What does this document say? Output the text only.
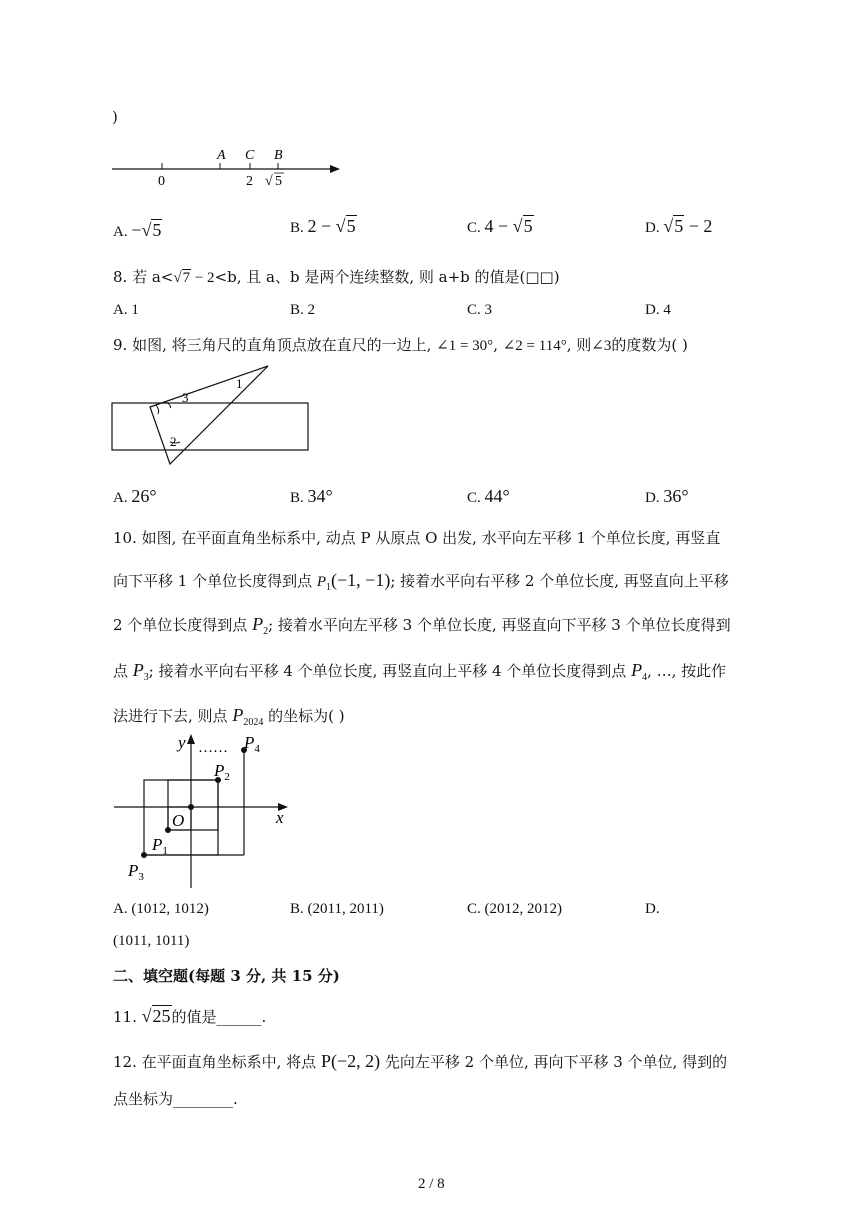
)
A C B
0	2 √ 5
A. −√5	B. 2 − √5	C. 4 − √5	D. √5 − 2
8. 若 a<√7 − 2<b, 且 a、b 是两个连续整数, 则 a+b 的值是(□□)
A. 1	B. 2	C. 3	D. 4
9. 如图, 将三角尺的直角顶点放在直尺的一边上, ∠1 = 30°, ∠2 = 114°, 则∠3的度数为( )
1
3
2
A. 26°	B. 34°	C. 44°	D. 36°
10. 如图, 在平面直角坐标系中, 动点 P 从原点 O 出发, 水平向左平移 1 个单位长度, 再竖直
向下平移 1 个单位长度得到点 $P_1(-1$, −1); 接着水平向右平移 2 个单位长度, 再竖直向上平移
2 个单位长度得到点 $P_2$; 接着水平向左平移 3 个单位长度, 再竖直向下平移 3 个单位长度得到
点 $P_3$; 接着水平向右平移 4 个单位长度, 再竖直向上平移 4 个单位长度得到点 $P_4$, …, 按此作
法进行下去, 则点 $P_{2024}$ 的坐标为( )
y
x
O
……
$P_1$
$P_2$
$P_3$
$P_4$
A. (1012, 1012)	B. (2011, 2011)	C. (2012, 2012)	D.
(1011, 1011)
二、填空题(每题 3 分, 共 15 分)
11. √25的值是______.
12. 在平面直角坐标系中, 将点 P(−2, 2) 先向左平移 2 个单位, 再向下平移 3 个单位, 得到的
点坐标为________.
2 / 8
